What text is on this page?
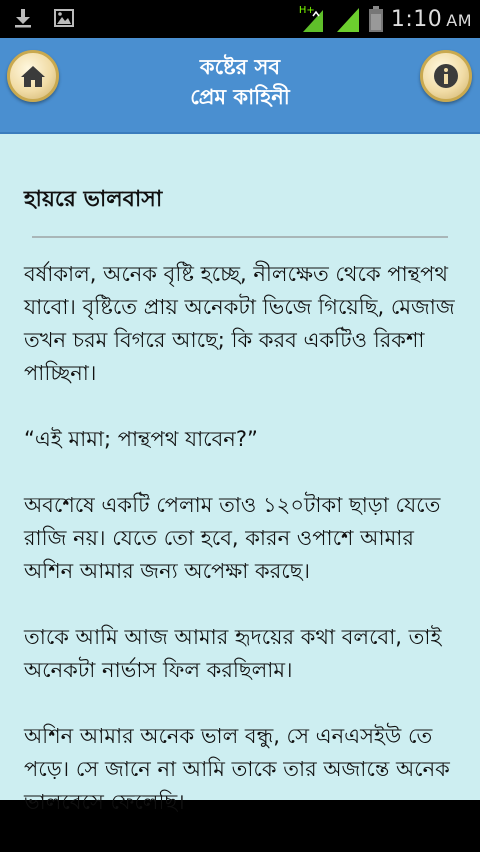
H+	1:10 AM
কষ্টের সব
প্রেম কাহিনী
হায়রে ভালবাসা

বর্ষাকাল, অনেক বৃষ্টি হচ্ছে, নীলক্ষেত থেকে পান্থপথ যাবো। বৃষ্টিতে প্রায় অনেকটা ভিজে গিয়েছি, মেজাজ তখন চরম বিগরে আছে; কি করব একটিও রিকশা পাচ্ছিনা।

“এই মামা; পান্থপথ যাবেন?”

অবশেষে একটি পেলাম তাও ১২০টাকা ছাড়া যেতে রাজি নয়। যেতে তো হবে, কারন ওপাশে আমার অশিন আমার জন্য অপেক্ষা করছে।

তাকে আমি আজ আমার হৃদয়ের কথা বলবো, তাই অনেকটা নার্ভাস ফিল করছিলাম।

অশিন আমার অনেক ভাল বন্ধু, সে এনএসইউ তে পড়ে। সে জানে না আমি তাকে তার অজান্তে অনেক ভালবেসে ফেলেছি।
